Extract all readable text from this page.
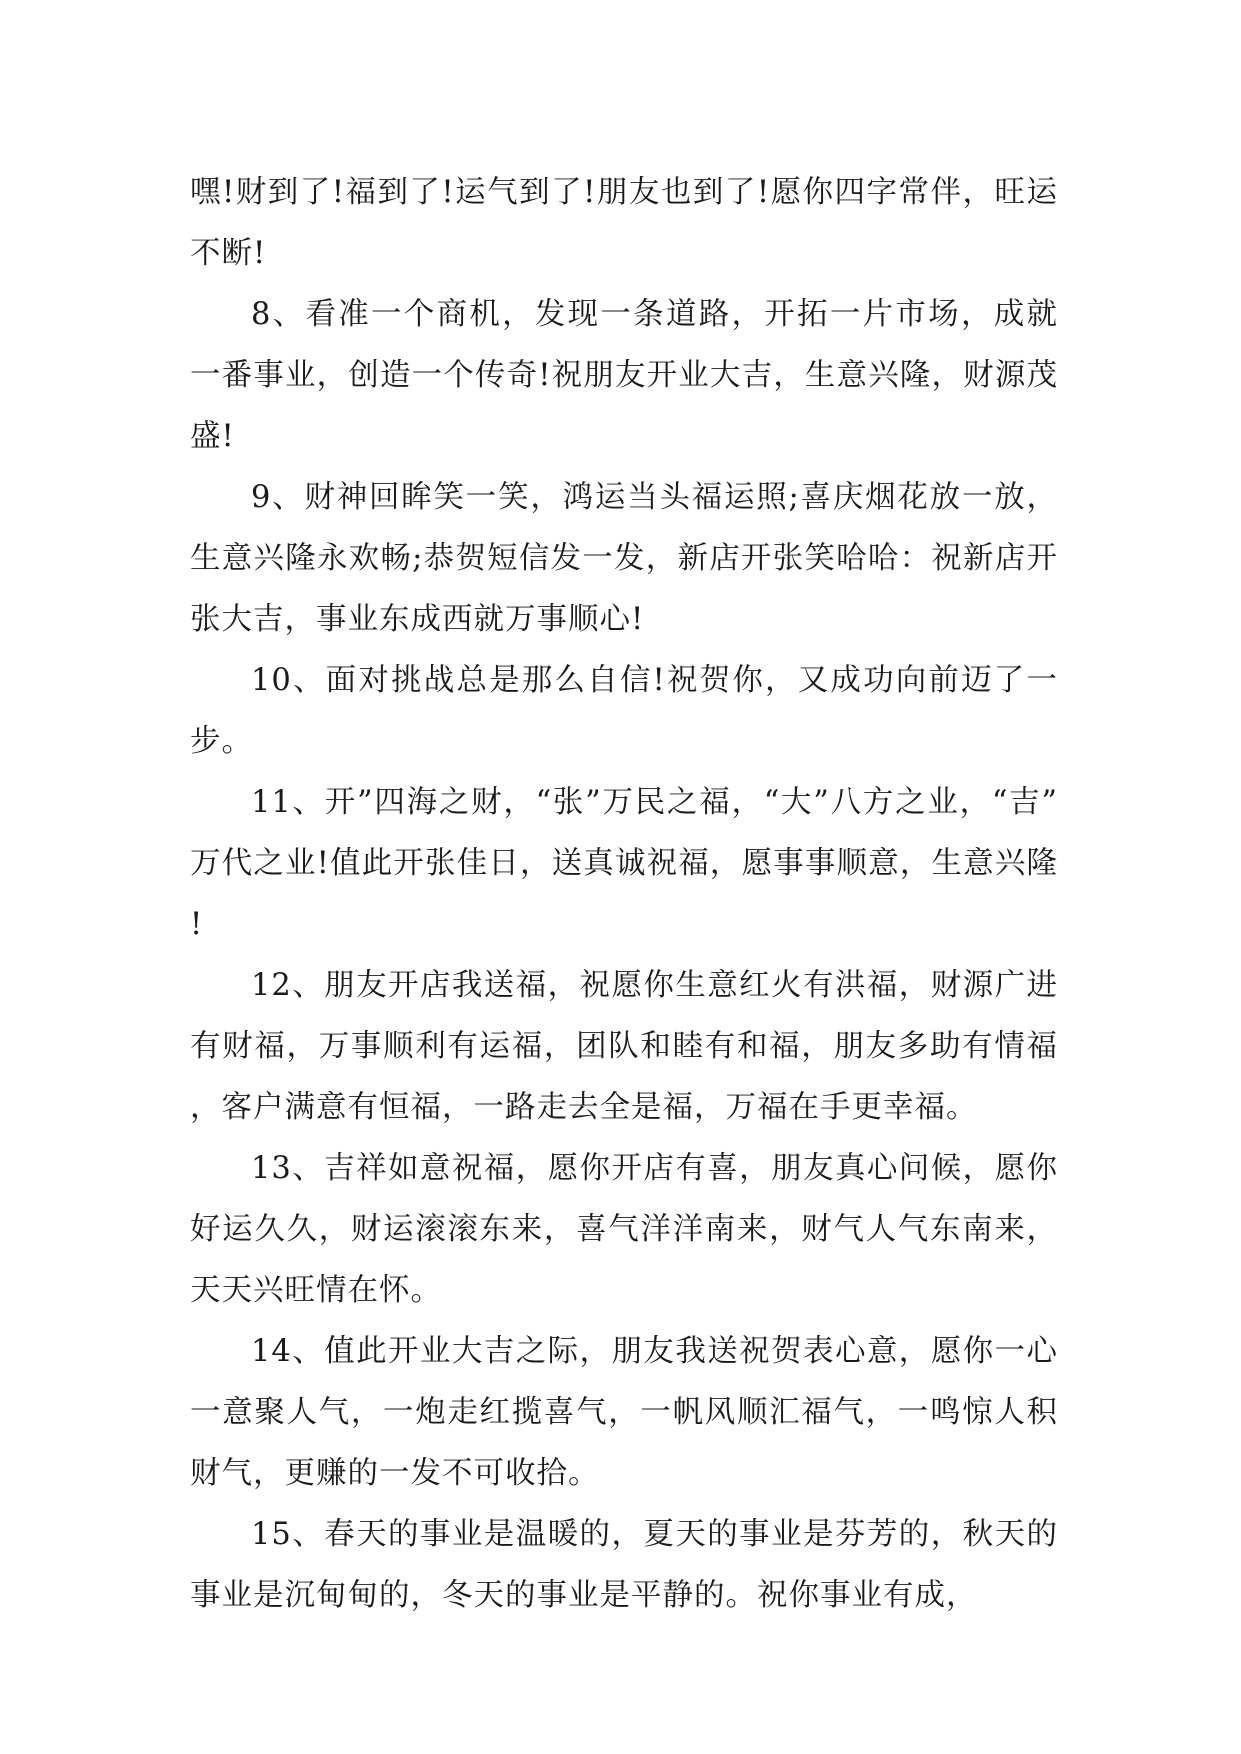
嘿!财到了!福到了!运气到了!朋友也到了!愿你四字常伴，旺运不断!

8、看准一个商机，发现一条道路，开拓一片市场，成就一番事业，创造一个传奇!祝朋友开业大吉，生意兴隆，财源茂盛!

9、财神回眸笑一笑，鸿运当头福运照;喜庆烟花放一放，生意兴隆永欢畅;恭贺短信发一发，新店开张笑哈哈：祝新店开张大吉，事业东成西就万事顺心!

10、面对挑战总是那么自信!祝贺你，又成功向前迈了一步。

11、开”四海之财，“张”万民之福，“大”八方之业，“吉”万代之业!值此开张佳日，送真诚祝福，愿事事顺意，生意兴隆!

12、朋友开店我送福，祝愿你生意红火有洪福，财源广进有财福，万事顺利有运福，团队和睦有和福，朋友多助有情福，客户满意有恒福，一路走去全是福，万福在手更幸福。

13、吉祥如意祝福，愿你开店有喜，朋友真心问候，愿你好运久久，财运滚滚东来，喜气洋洋南来，财气人气东南来，天天兴旺情在怀。

14、值此开业大吉之际，朋友我送祝贺表心意，愿你一心一意聚人气，一炮走红揽喜气，一帆风顺汇福气，一鸣惊人积财气，更赚的一发不可收拾。

15、春天的事业是温暖的，夏天的事业是芬芳的，秋天的事业是沉甸甸的，冬天的事业是平静的。祝你事业有成，
